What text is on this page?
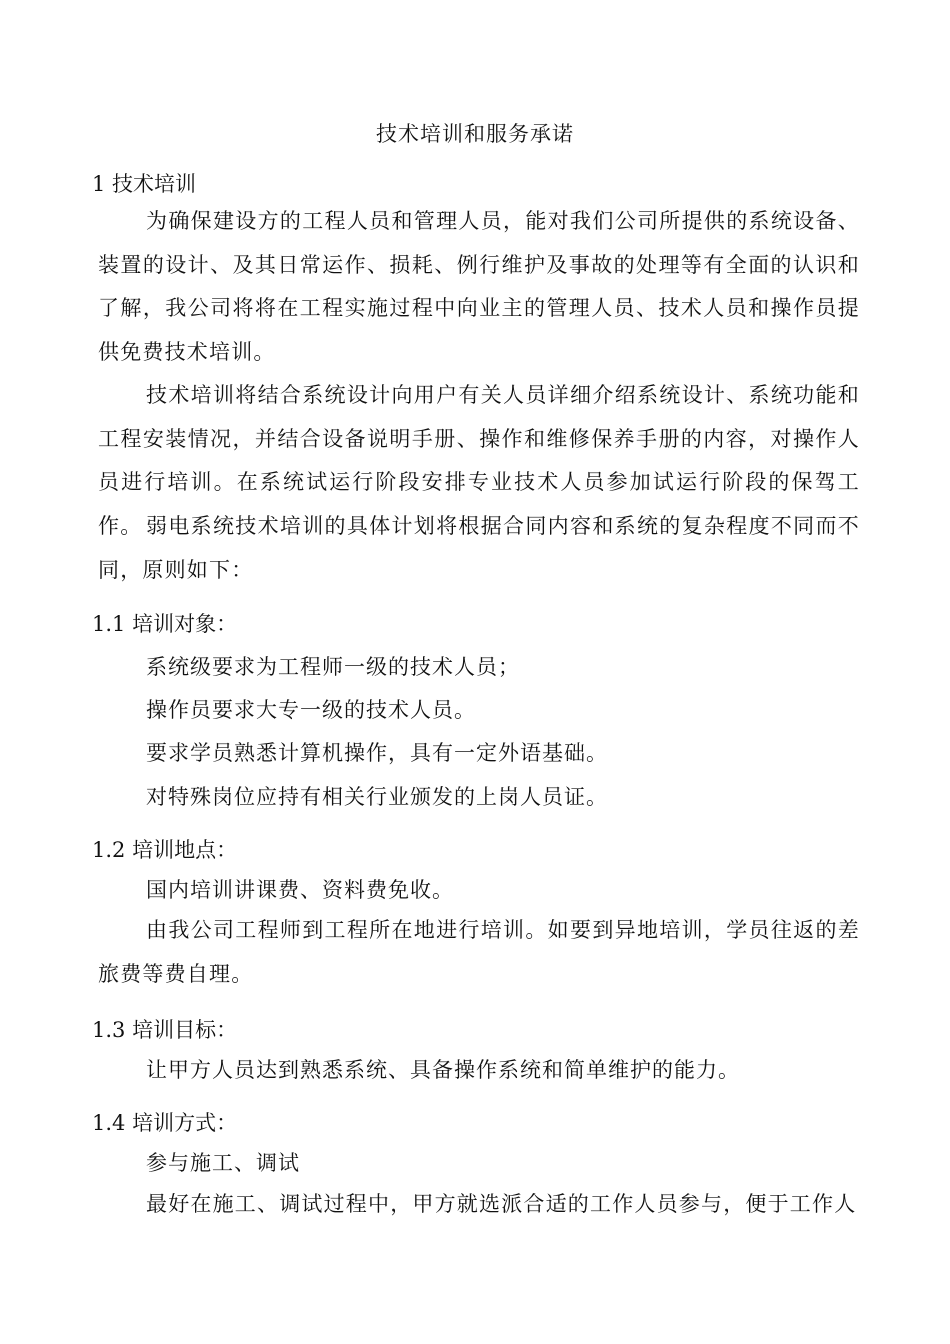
技术培训和服务承诺
1 技术培训

为确保建设方的工程人员和管理人员，能对我们公司所提供的系统设备、装置的设计、及其日常运作、损耗、例行维护及事故的处理等有全面的认识和了解，我公司将将在工程实施过程中向业主的管理人员、技术人员和操作员提供免费技术培训。

技术培训将结合系统设计向用户有关人员详细介绍系统设计、系统功能和工程安装情况，并结合设备说明手册、操作和维修保养手册的内容，对操作人员进行培训。在系统试运行阶段安排专业技术人员参加试运行阶段的保驾工作。 弱电系统技术培训的具体计划将根据合同内容和系统的复杂程度不同而不同，原则如下：

1.1 培训对象：
系统级要求为工程师一级的技术人员；
操作员要求大专一级的技术人员。
要求学员熟悉计算机操作，具有一定外语基础。
对特殊岗位应持有相关行业颁发的上岗人员证。
1.2 培训地点：
国内培训讲课费、资料费免收。

由我公司工程师到工程所在地进行培训。如要到异地培训，学员往返的差旅费等费自理。

1.3 培训目标：
让甲方人员达到熟悉系统、具备操作系统和简单维护的能力。
1.4 培训方式：
参与施工、调试

最好在施工、调试过程中，甲方就选派合适的工作人员参与，便于工作人
